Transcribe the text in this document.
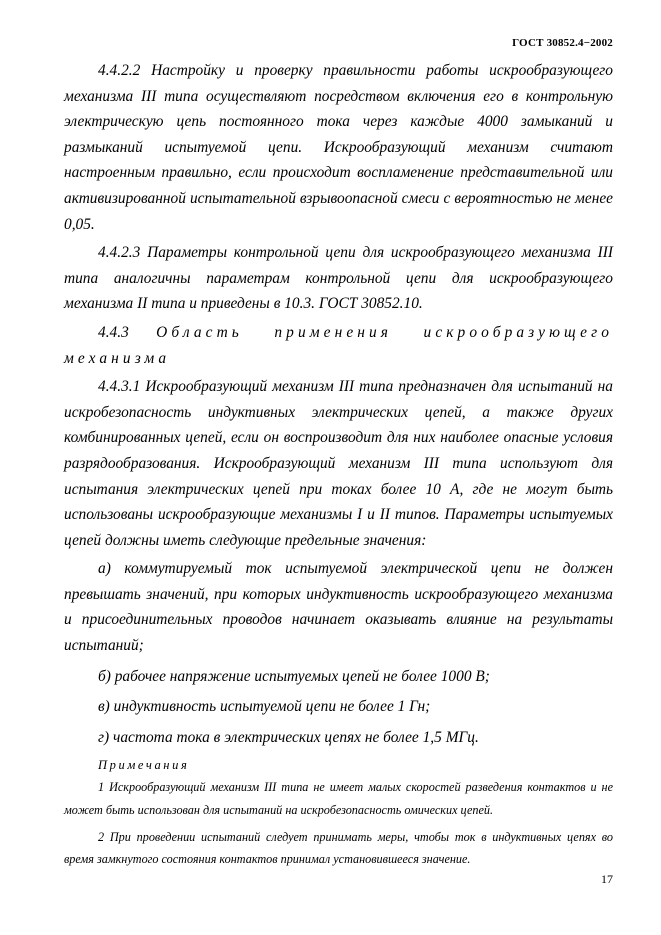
ГОСТ 30852.4−2002

4.4.2.2 Настройку и проверку правильности работы искрообразующего механизма III типа осуществляют посредством включения его в контрольную электрическую цепь постоянного тока через каждые 4000 замыканий и размыканий испытуемой цепи. Искрообразующий механизм считают настроенным правильно, если происходит воспламенение представительной или активизированной испытательной взрывоопасной смеси с вероятностью не менее 0,05.

4.4.2.3 Параметры контрольной цепи для искрообразующего механизма III типа аналогичны параметрам контрольной цепи для искрообразующего механизма II типа и приведены в 10.3. ГОСТ 30852.10.

4.4.3 Область применения искрообразующего механизма

4.4.3.1 Искрообразующий механизм III типа предназначен для испытаний на искробезопасность индуктивных электрических цепей, а также других комбинированных цепей, если он воспроизводит для них наиболее опасные условия разрядообразования. Искрообразующий механизм III типа используют для испытания электрических цепей при токах более 10 А, где не могут быть использованы искрообразующие механизмы I и II типов. Параметры испытуемых цепей должны иметь следующие предельные значения:

а) коммутируемый ток испытуемой электрической цепи не должен превышать значений, при которых индуктивность искрообразующего механизма и присоединительных проводов начинает оказывать влияние на результаты испытаний;

б) рабочее напряжение испытуемых цепей не более 1000 В;

в) индуктивность испытуемой цепи не более 1 Гн;

г) частота тока в электрических цепях не более 1,5 МГц.

Примечания

1 Искрообразующий механизм III типа не имеет малых скоростей разведения контактов и не может быть использован для испытаний на искробезопасность омических цепей.

2 При проведении испытаний следует принимать меры, чтобы ток в индуктивных цепях во время замкнутого состояния контактов принимал установившееся значение.

17
